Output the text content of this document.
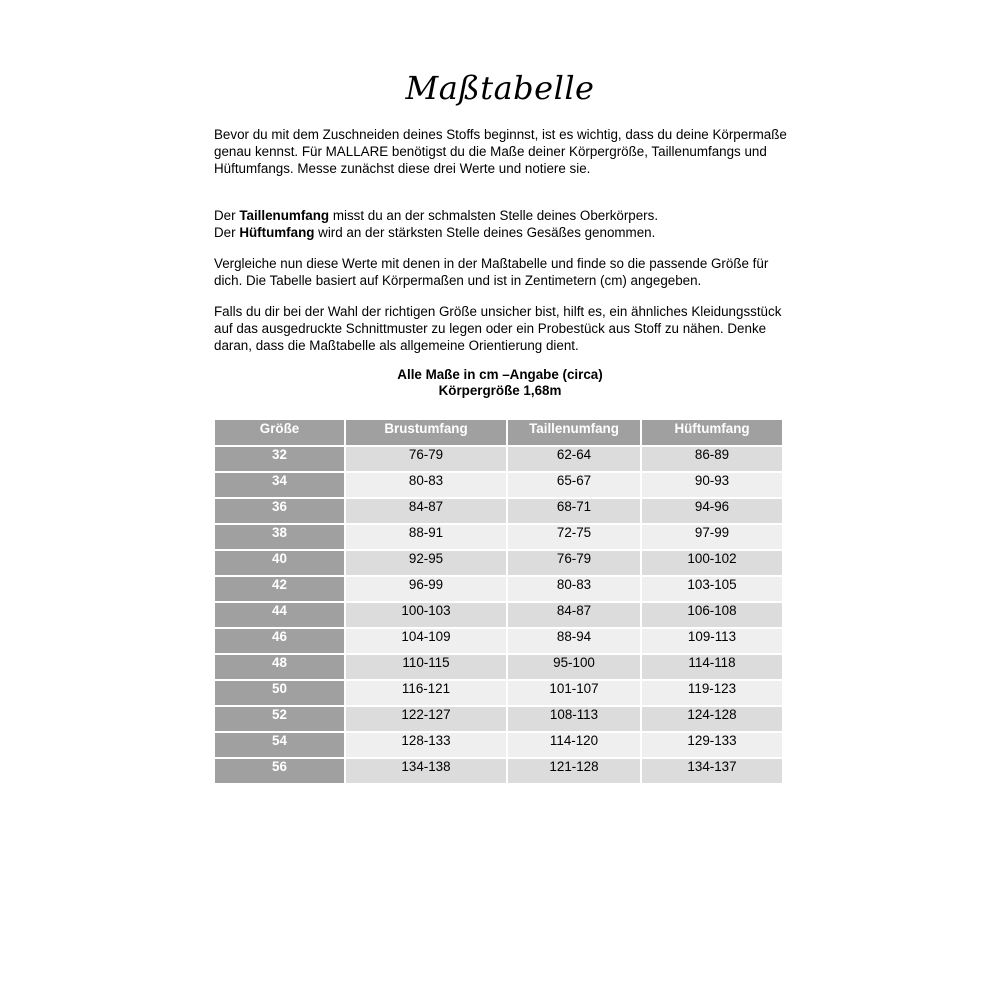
Maßtabelle

Bevor du mit dem Zuschneiden deines Stoffs beginnst, ist es wichtig, dass du deine Körpermaße genau kennst. Für MALLARE benötigst du die Maße deiner Körpergröße, Taillenumfangs und Hüftumfangs. Messe zunächst diese drei Werte und notiere sie.

Der Taillenumfang misst du an der schmalsten Stelle deines Oberkörpers.
Der Hüftumfang wird an der stärksten Stelle deines Gesäßes genommen.

Vergleiche nun diese Werte mit denen in der Maßtabelle und finde so die passende Größe für dich. Die Tabelle basiert auf Körpermaßen und ist in Zentimetern (cm) angegeben.

Falls du dir bei der Wahl der richtigen Größe unsicher bist, hilft es, ein ähnliches Kleidungsstück auf das ausgedruckte Schnittmuster zu legen oder ein Probestück aus Stoff zu nähen. Denke daran, dass die Maßtabelle als allgemeine Orientierung dient.

Alle Maße in cm –Angabe (circa)
Körpergröße 1,68m
Größe	Brustumfang	Taillenumfang	Hüftumfang
32	76-79	62-64	86-89
34	80-83	65-67	90-93
36	84-87	68-71	94-96
38	88-91	72-75	97-99
40	92-95	76-79	100-102
42	96-99	80-83	103-105
44	100-103	84-87	106-108
46	104-109	88-94	109-113
48	110-115	95-100	114-118
50	116-121	101-107	119-123
52	122-127	108-113	124-128
54	128-133	114-120	129-133
56	134-138	121-128	134-137
